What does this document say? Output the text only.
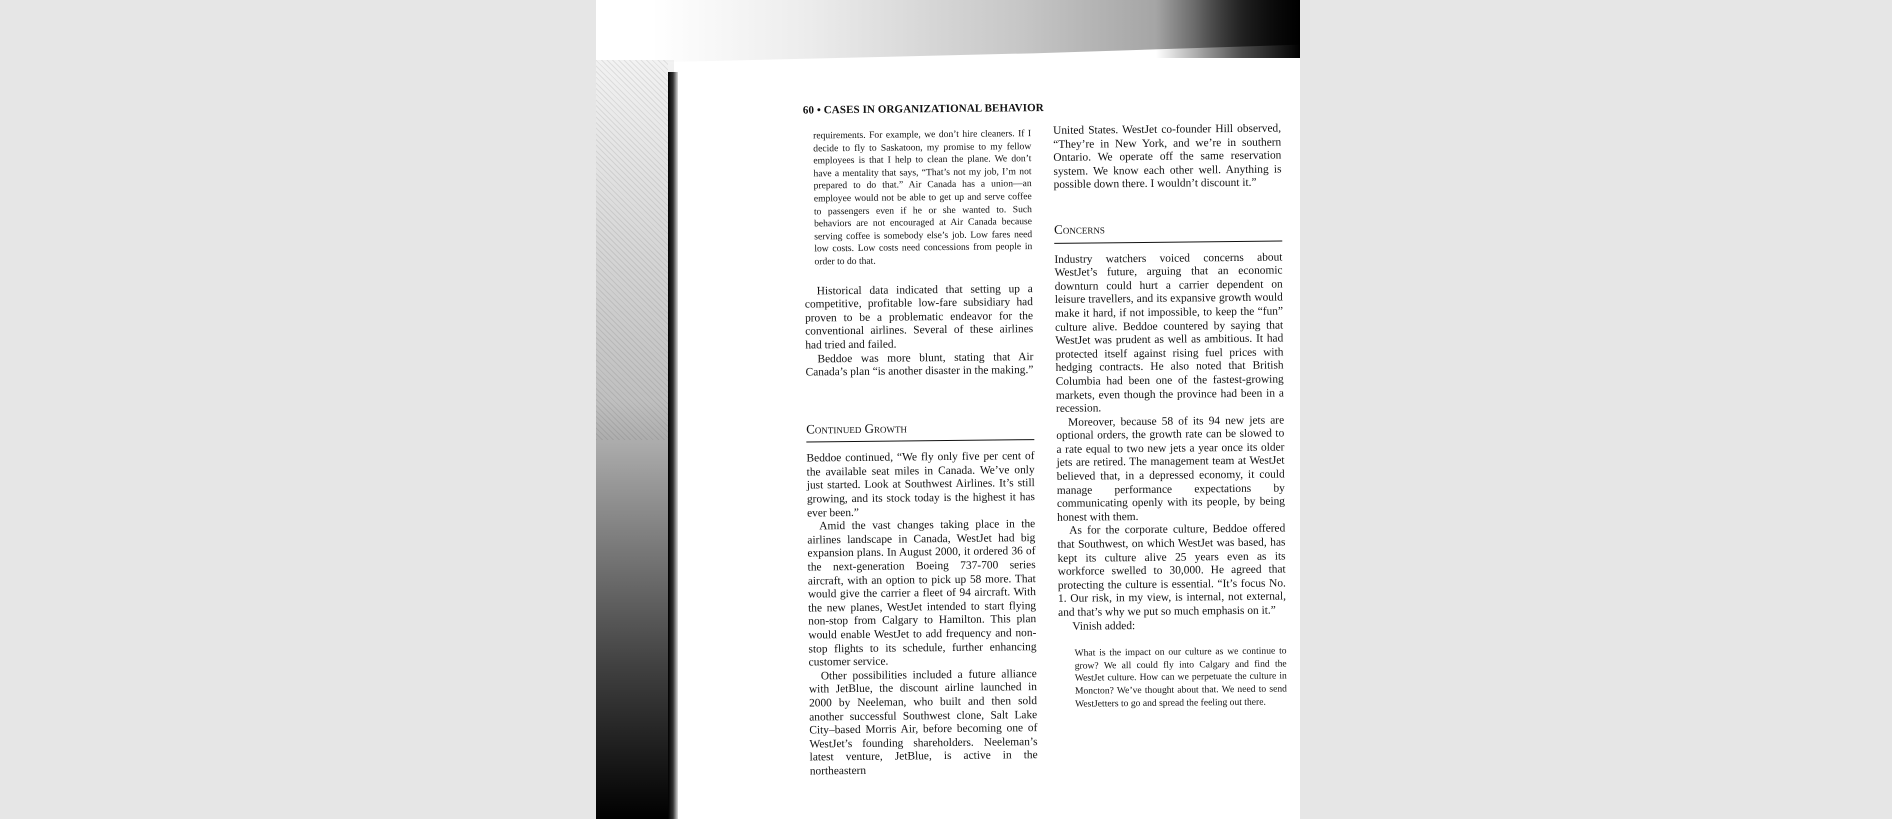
60 • CASES IN ORGANIZATIONAL BEHAVIOR

requirements. For example, we don’t hire cleaners. If I decide to fly to Saskatoon, my promise to my fellow employees is that I help to clean the plane. We don’t have a mentality that says, “That’s not my job, I’m not prepared to do that.” Air Canada has a union—an employee would not be able to get up and serve coffee to passengers even if he or she wanted to. Such behaviors are not encouraged at Air Canada because serving coffee is somebody else’s job. Low fares need low costs. Low costs need concessions from people in order to do that.

Historical data indicated that setting up a competitive, profitable low-fare subsidiary had proven to be a problematic endeavor for the conventional airlines. Several of these airlines had tried and failed.

Beddoe was more blunt, stating that Air Canada’s plan “is another disaster in the making.”

Continued Growth

Beddoe continued, “We fly only five per cent of the available seat miles in Canada. We’ve only just started. Look at Southwest Airlines. It’s still growing, and its stock today is the highest it has ever been.”

Amid the vast changes taking place in the airlines landscape in Canada, WestJet had big expansion plans. In August 2000, it ordered 36 of the next-generation Boeing 737-700 series aircraft, with an option to pick up 58 more. That would give the carrier a fleet of 94 aircraft. With the new planes, WestJet intended to start flying non-stop from Calgary to Hamilton. This plan would enable WestJet to add frequency and non-stop flights to its schedule, further enhancing customer service.

Other possibilities included a future alliance with JetBlue, the discount airline launched in 2000 by Neeleman, who built and then sold another successful Southwest clone, Salt Lake City–based Morris Air, before becoming one of WestJet’s founding shareholders. Neeleman’s latest venture, JetBlue, is active in the northeastern

United States. WestJet co-founder Hill observed, “They’re in New York, and we’re in southern Ontario. We operate off the same reservation system. We know each other well. Anything is possible down there. I wouldn’t discount it.”

Concerns

Industry watchers voiced concerns about WestJet’s future, arguing that an economic downturn could hurt a carrier dependent on leisure travellers, and its expansive growth would make it hard, if not impossible, to keep the “fun” culture alive. Beddoe countered by saying that WestJet was prudent as well as ambitious. It had protected itself against rising fuel prices with hedging contracts. He also noted that British Columbia had been one of the fastest-growing markets, even though the province had been in a recession.

Moreover, because 58 of its 94 new jets are optional orders, the growth rate can be slowed to a rate equal to two new jets a year once its older jets are retired. The management team at WestJet believed that, in a depressed economy, it could manage performance expectations by communicating openly with its people, by being honest with them.

As for the corporate culture, Beddoe offered that Southwest, on which WestJet was based, has kept its culture alive 25 years even as its workforce swelled to 30,000. He agreed that protecting the culture is essential. “It’s focus No. 1. Our risk, in my view, is internal, not external, and that’s why we put so much emphasis on it.”

Vinish added:

What is the impact on our culture as we continue to grow? We all could fly into Calgary and find the WestJet culture. How can we perpetuate the culture in Moncton? We’ve thought about that. We need to send WestJetters to go and spread the feeling out there.
